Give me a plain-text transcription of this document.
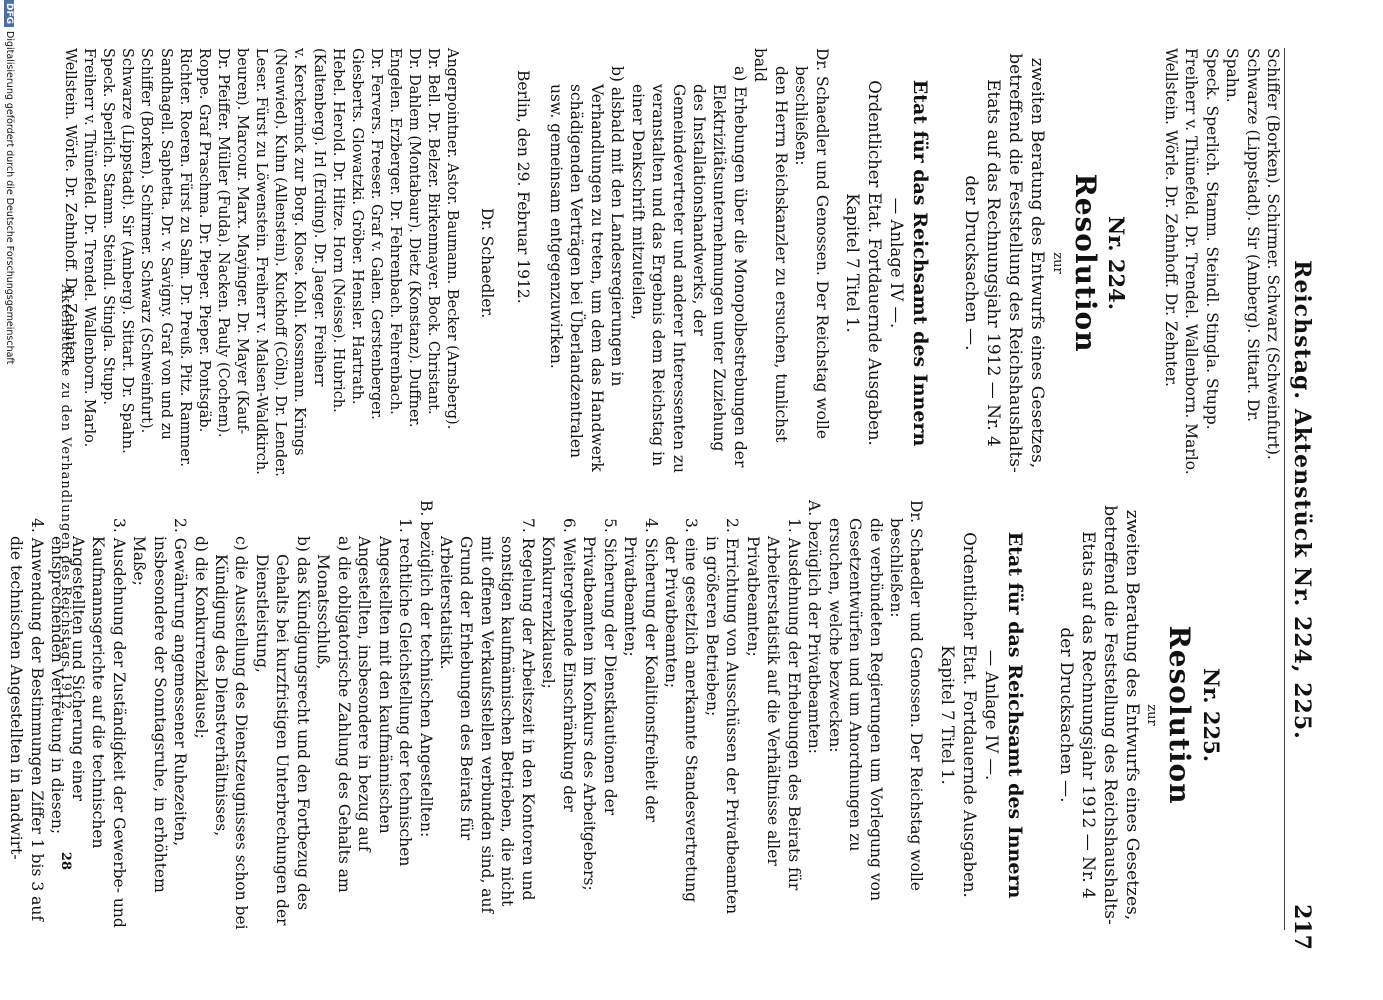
Reichstag. Aktenstück Nr. 224, 225.
217

Schiffer (Borken). Schirmer. Schwarz (Schweinfurt).

Schwarze (Lippstadt). Sir (Amberg). Sittart. Dr. Spahn.

Speck. Sperlich. Stamm. Steindl. Stingla. Stupp.

Freiherr v. Thünefeld. Dr. Trendel. Wallenborn. Marlo.

Wellstein. Wörle. Dr. Zehnhoff. Dr. Zehnter.

Nr. 224.
Resolution
zur
zweiten Beratung des Entwurfs eines Gesetzes,
betreffend die Feststellung des Reichshaushalts-
Etats auf das Rechnungsjahr 1912 — Nr. 4
der Drucksachen —.
Etat für das Reichsamt des Innern
— Anlage IV —.
Ordentlicher Etat. Fortdauernde Ausgaben.
Kapitel 7 Titel 1.

Dr. Schaedler und Genossen. Der Reichstag wolle beschließen:

den Herrn Reichskanzler zu ersuchen, tunlichst bald

a) Erhebungen über die Monopolbestrebungen der Elektrizitätsunternehmungen unter Zuziehung des Installationshandwerks, der Gemeindevertreter und anderer Interessenten zu veranstalten und das Ergebnis dem Reichstag in einer Denkschrift mitzuteilen,

b) alsbald mit den Landesregierungen in Verhandlungen zu treten, um dem das Handwerk schädigenden Verträgen bei Überlandzentralen usw. gemeinsam entgegenzuwirken.

Berlin, den 29. Februar 1912.

Dr. Schaedler.

Angerpointner. Astor. Baumann. Becker (Arnsberg).

Dr. Bell. Dr. Belzer. Birkenmayer. Bock. Christant.

Dr. Dahlem (Montabaur). Dietz (Konstanz). Duffner.

Engelen. Erzberger. Dr. Fehrenbach. Fehrenbach.

Dr. Fervers. Freeser. Graf v. Galen. Gerstenberger.

Giesberts. Glowatzki. Gröber. Hensler. Hartrath.

Hebel. Herold. Dr. Hitze. Horn (Neisse). Hubrich.

(Kaltenberg). Irl (Erding). Dr. Jaeger. Freiherr

v. Kerckerinck zur Borg. Klose. Kohl. Kossmann. Krings

(Neuwied). Kuhn (Allenstein). Kuckhoff (Cöln). Dr. Lender.

Leser. Fürst zu Löwenstein. Freiherr v. Malsen-Waldkirch.

beuren). Marcour. Marx. Mayinger. Dr. Mayer (Kauf-

Dr. Pfeiffer. Müller (Fulda). Nacken. Pauly (Cochem).

Roppe. Graf Praschma. Dr. Pieper. Pieper. Pontsgäb.

Richter. Roeren. Fürst zu Salm. Dr. Preuß. Pitz. Rammer.

Sandhagell. Saphetta. Dr. v. Savigny. Graf von und zu

Schiffer (Borken). Schirmer. Schwarz (Schweinfurt).

Schwarze (Lippstadt). Sir (Amberg). Sittart. Dr. Spahn.

Speck. Sperlich. Stamm. Steindl. Stingla. Stupp.

Freiherr v. Thünefeld. Dr. Trendel. Wallenborn. Marlo.

Wellstein. Wörle. Dr. Zehnhoff. Dr. Zehnter.

Nr. 225.
Resolution
zur
zweiten Beratung des Entwurfs eines Gesetzes,
betreffend die Feststellung des Reichshaushalts-
Etats auf das Rechnungsjahr 1912 — Nr. 4
der Drucksachen —.
Etat für das Reichsamt des Innern
— Anlage IV —.
Ordentlicher Etat. Fortdauernde Ausgaben.
Kapitel 7 Titel 1.

Dr. Schaedler und Genossen. Der Reichstag wolle beschließen:

die verbündeten Regierungen um Vorlegung von Gesetzentwürfen und um Anordnungen zu ersuchen, welche bezwecken:

A. bezüglich der Privatbeamten:

1. Ausdehnung der Erhebungen des Beirats für Arbeiterstatistik auf die Verhältnisse aller Privatbeamten;

2. Errichtung von Ausschüssen der Privatbeamten in größeren Betrieben;

3. eine gesetzlich anerkannte Standesvertretung der Privatbeamten;

4. Sicherung der Koalitionsfreiheit der Privatbeamten;

5. Sicherung der Dienstkautionen der Privatbeamten im Konkurs des Arbeitgebers;

6. Weitergehende Einschränkung der Konkurrenzklausel;

7. Regelung der Arbeitszeit in den Kontoren und sonstigen kaufmännischen Betrieben, die nicht mit offenen Verkaufsstellen verbunden sind, auf Grund der Erhebungen des Beirats für Arbeiterstatistik.

B. bezüglich der technischen Angestellten:

1. rechtliche Gleichstellung der technischen Angestellten mit den kaufmännischen Angestellten, insbesondere in bezug auf

a) die obligatorische Zahlung des Gehalts am Monatsschluß,

b) das Kündigungsrecht und den Fortbezug des Gehalts bei kurzfristigen Unterbrechungen der Dienstleistung,

c) die Ausstellung des Dienstzeugnisses schon bei Kündigung des Dienstverhältnisses,

d) die Konkurrenzklausel;

2. Gewährung angemessener Ruhezeiten, insbesondere der Sonntagsruhe, in erhöhtem Maße;

3. Ausdehnung der Zuständigkeit der Gewerbe- und Kaufmannsgerichte auf die technischen Angestellten und Sicherung einer entsprechenden Vertretung in diesen;

4. Anwendung der Bestimmungen Ziffer 1 bis 3 auf die technischen Angestellten in landwirt-	Aktenstücke zu den Verhandlungen des Reichstags 1912.
28
DFGDigitalisierung gefördert durch die Deutsche Forschungsgemeinschaft
